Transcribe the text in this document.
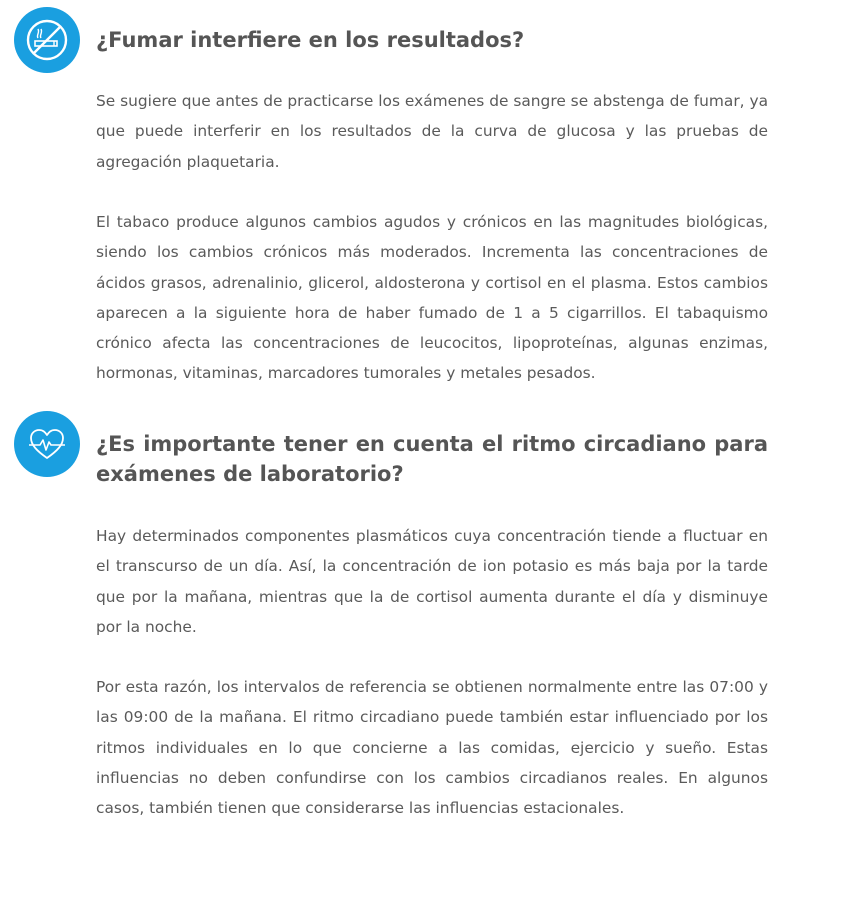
¿Fumar interfiere en los resultados?

Se sugiere que antes de practicarse los exámenes de sangre se abstenga de fumar, ya que puede interferir en los resultados de la curva de glucosa y las pruebas de agregación plaquetaria.

El tabaco produce algunos cambios agudos y crónicos en las magnitudes biológicas, siendo los cambios crónicos más moderados. Incrementa las concentraciones de ácidos grasos, adrenalinio, glicerol, aldosterona y cortisol en el plasma. Estos cambios aparecen a la siguiente hora de haber fumado de 1 a 5 cigarrillos. El tabaquismo crónico afecta las concentraciones de leucocitos, lipoproteínas, algunas enzimas, hormonas, vitaminas, marcadores tumorales y metales pesados.

¿Es importante tener en cuenta el ritmo circadiano para exámenes de laboratorio?

Hay determinados componentes plasmáticos cuya concentración tiende a fluctuar en el transcurso de un día. Así, la concentración de ion potasio es más baja por la tarde que por la mañana, mientras que la de cortisol aumenta durante el día y disminuye por la noche.

Por esta razón, los intervalos de referencia se obtienen normalmente entre las 07:00 y las 09:00 de la mañana. El ritmo circadiano puede también estar influenciado por los ritmos individuales en lo que concierne a las comidas, ejercicio y sueño. Estas influencias no deben confundirse con los cambios circadianos reales. En algunos casos, también tienen que considerarse las influencias estacionales.
